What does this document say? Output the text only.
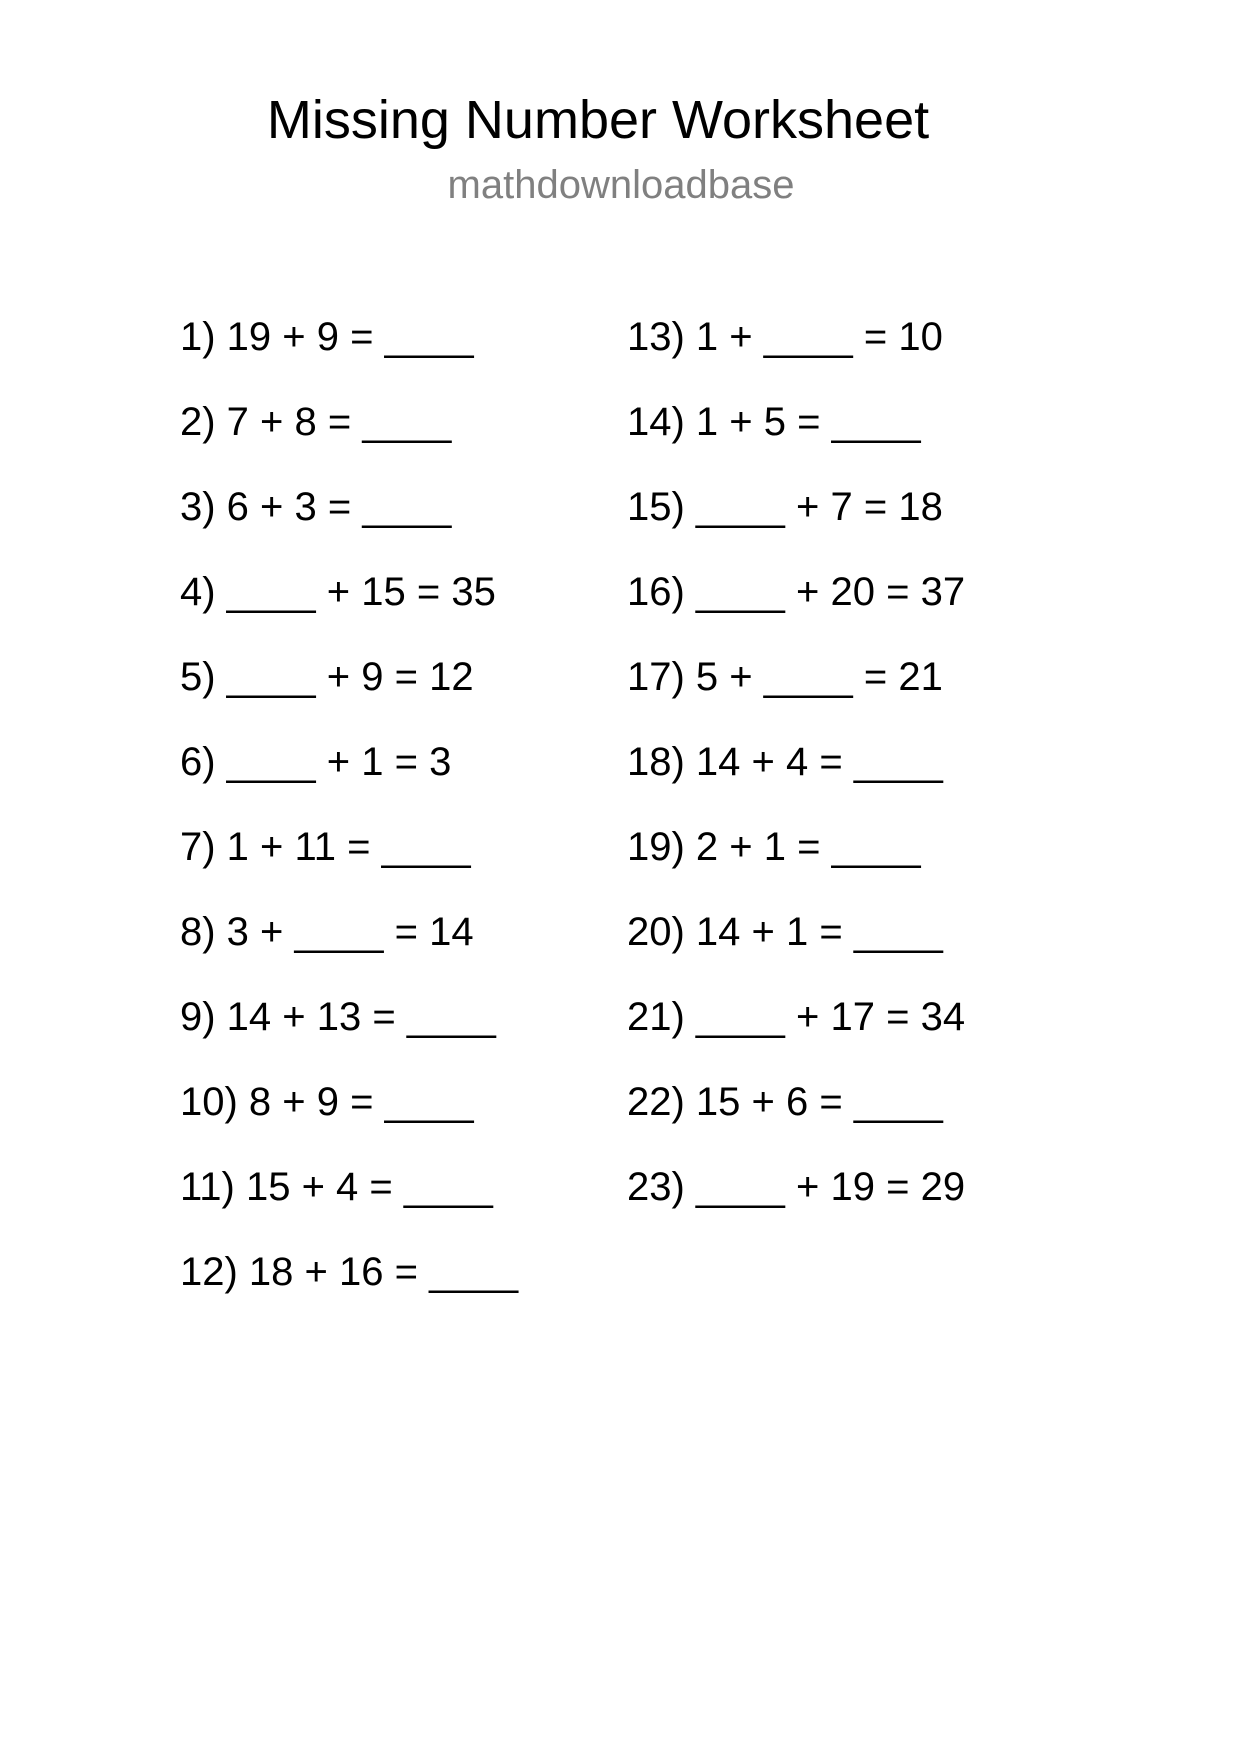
Missing Number Worksheet
mathdownloadbase
1) 19 + 9 = ____
2) 7 + 8 = ____
3) 6 + 3 = ____
4) ____ + 15 = 35
5) ____ + 9 = 12
6) ____ + 1 = 3
7) 1 + 11 = ____
8) 3 + ____ = 14
9) 14 + 13 = ____
10) 8 + 9 = ____
11) 15 + 4 = ____
12) 18 + 16 = ____
13) 1 + ____ = 10
14) 1 + 5 = ____
15) ____ + 7 = 18
16) ____ + 20 = 37
17) 5 + ____ = 21
18) 14 + 4 = ____
19) 2 + 1 = ____
20) 14 + 1 = ____
21) ____ + 17 = 34
22) 15 + 6 = ____
23) ____ + 19 = 29
